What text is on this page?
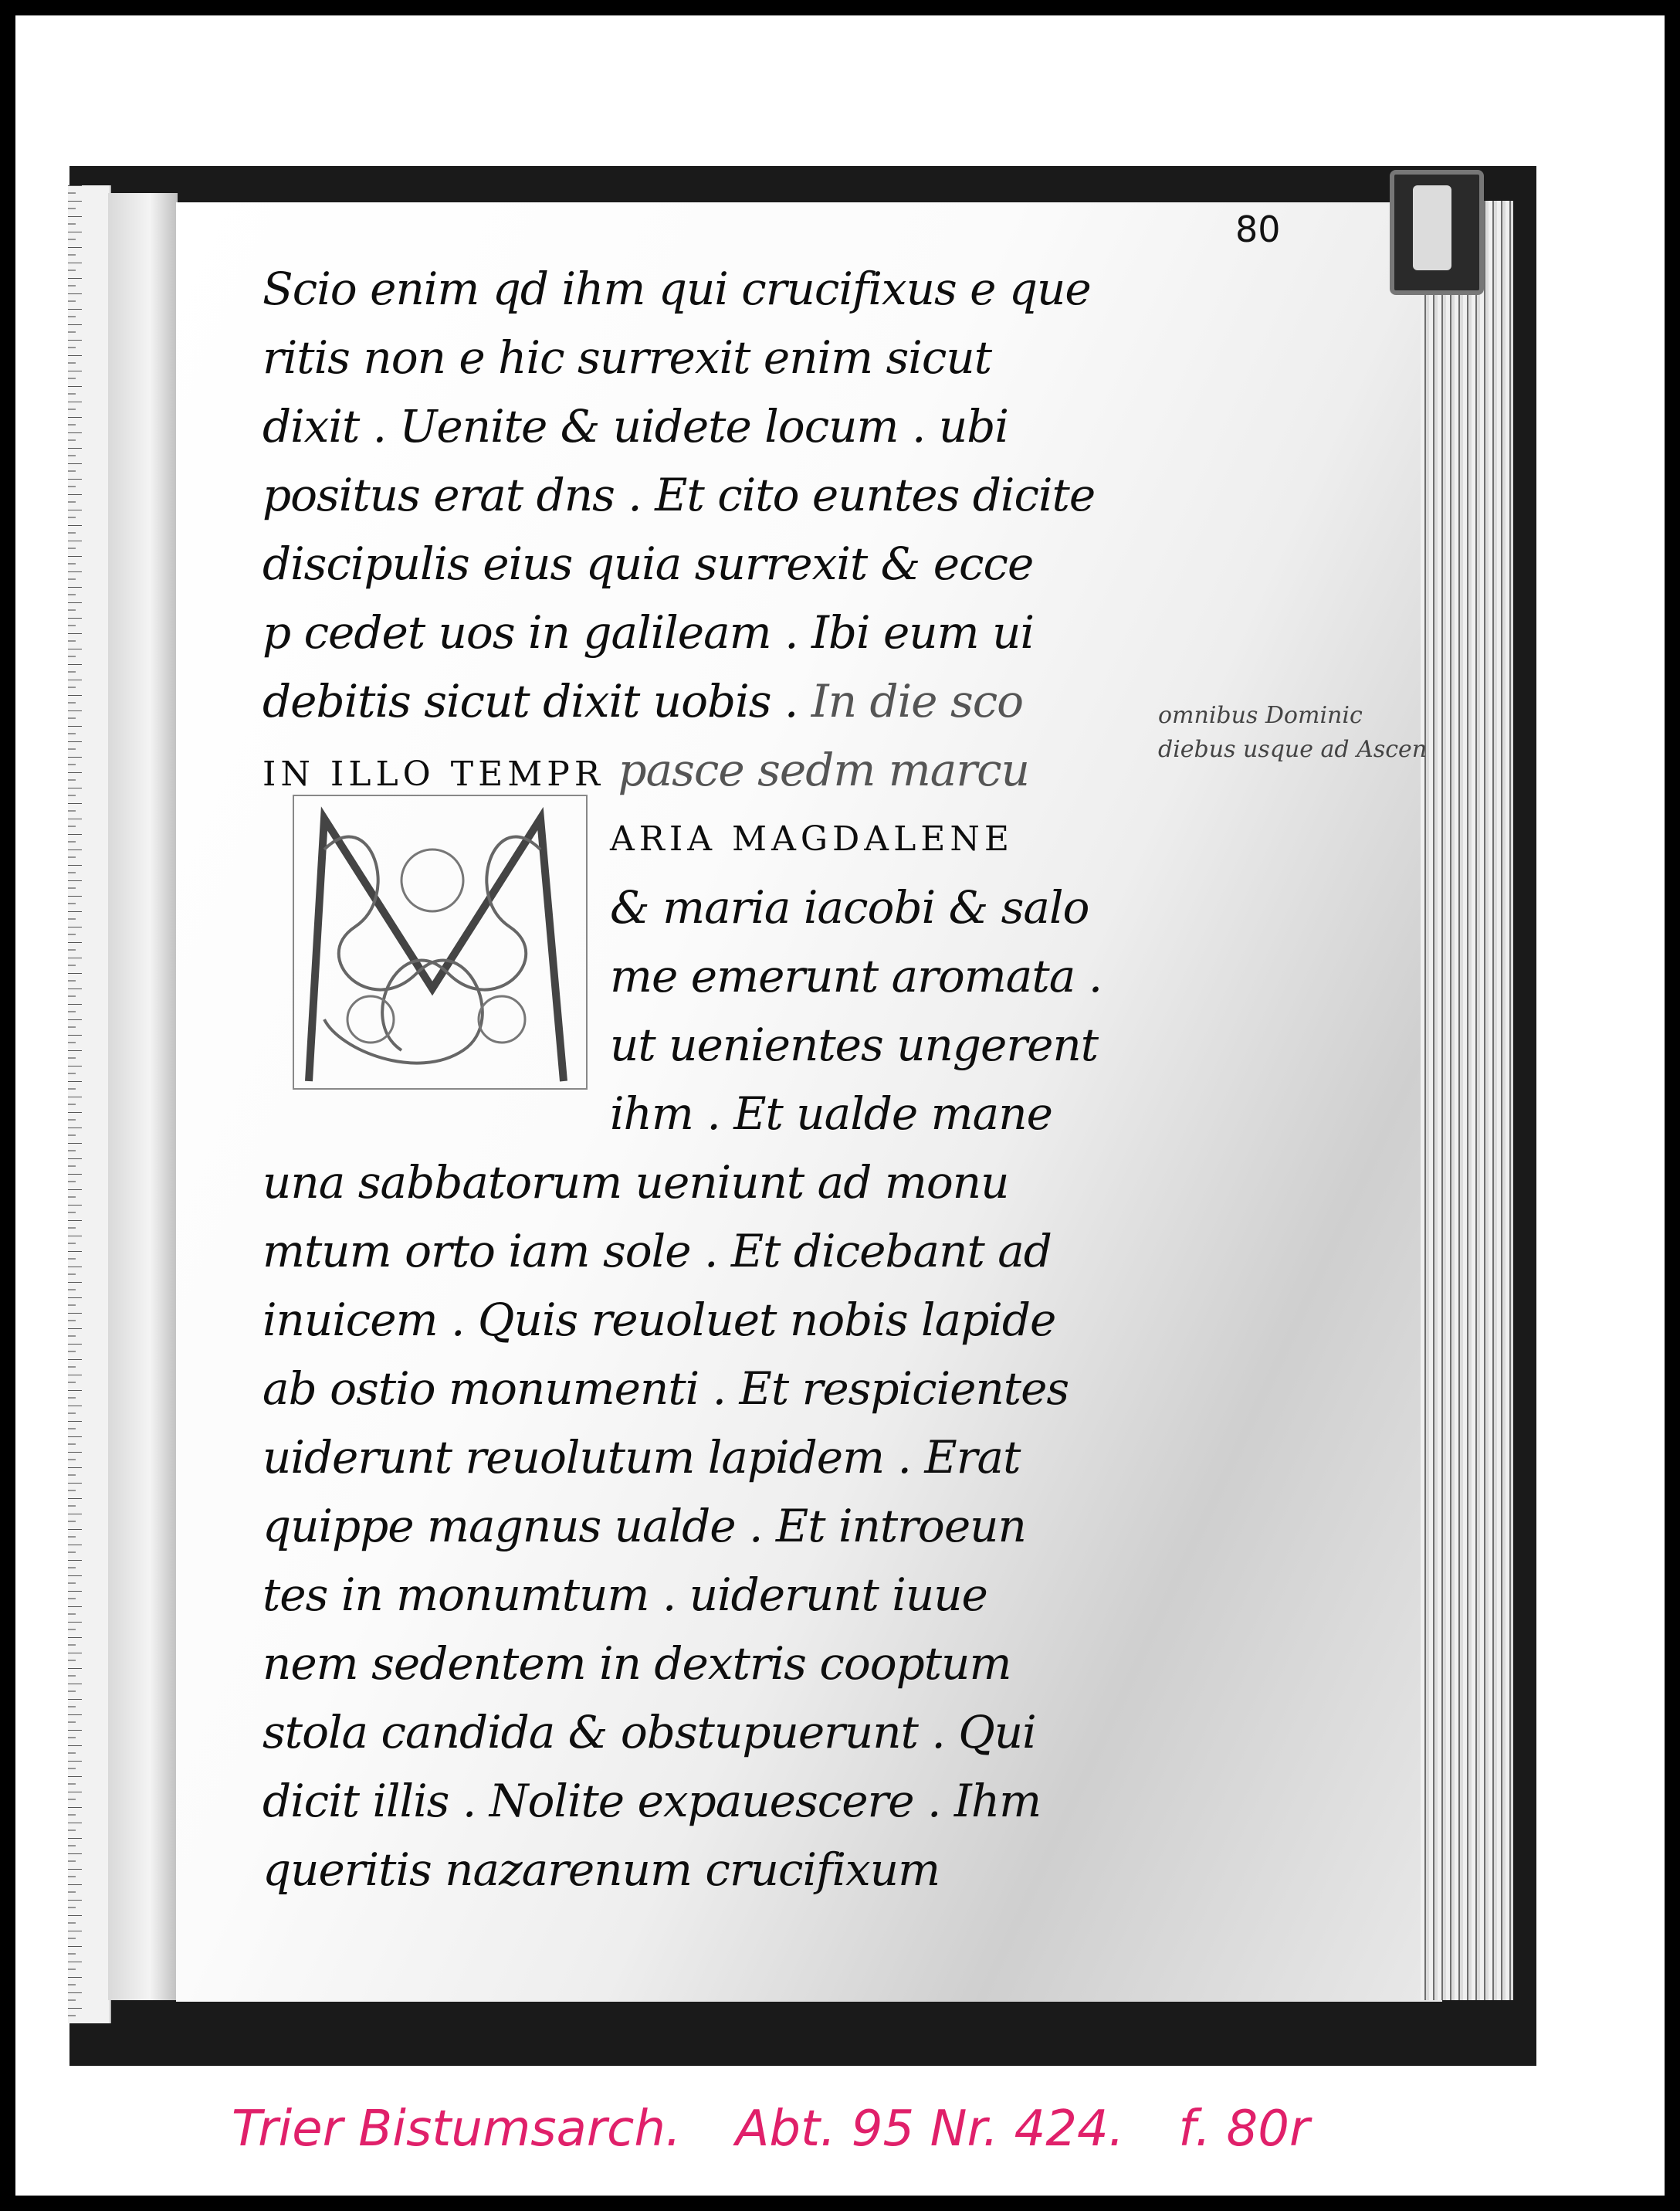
80
Scio enim qd ihm qui crucifixus e que
ritis non e hic surrexit enim sicut
dixit . Uenite & uidete locum . ubi
positus erat dns . Et cito euntes dicite
discipulis eius quia surrexit & ecce
p cedet uos in galileam . Ibi eum ui
debitis sicut dixit uobis . In die sco
IN ILLO TEMPR pasce sedm marcu
ARIA MAGDALENE
& maria iacobi & salo
me emerunt aromata .
ut uenientes ungerent
ihm . Et ualde mane
una sabbatorum ueniunt ad monu
mtum orto iam sole . Et dicebant ad
inuicem . Quis reuoluet nobis lapide
ab ostio monumenti . Et respicientes
uiderunt reuolutum lapidem . Erat
quippe magnus ualde . Et introeun
tes in monumtum . uiderunt iuue
nem sedentem in dextris cooptum
stola candida & obstupuerunt . Qui
dicit illis . Nolite expauescere . Ihm
queritis nazarenum crucifixum
omnibus Dominic
diebus usque ad Ascen
Trier Bistumsarch. Abt. 95 Nr. 424. f. 80r
